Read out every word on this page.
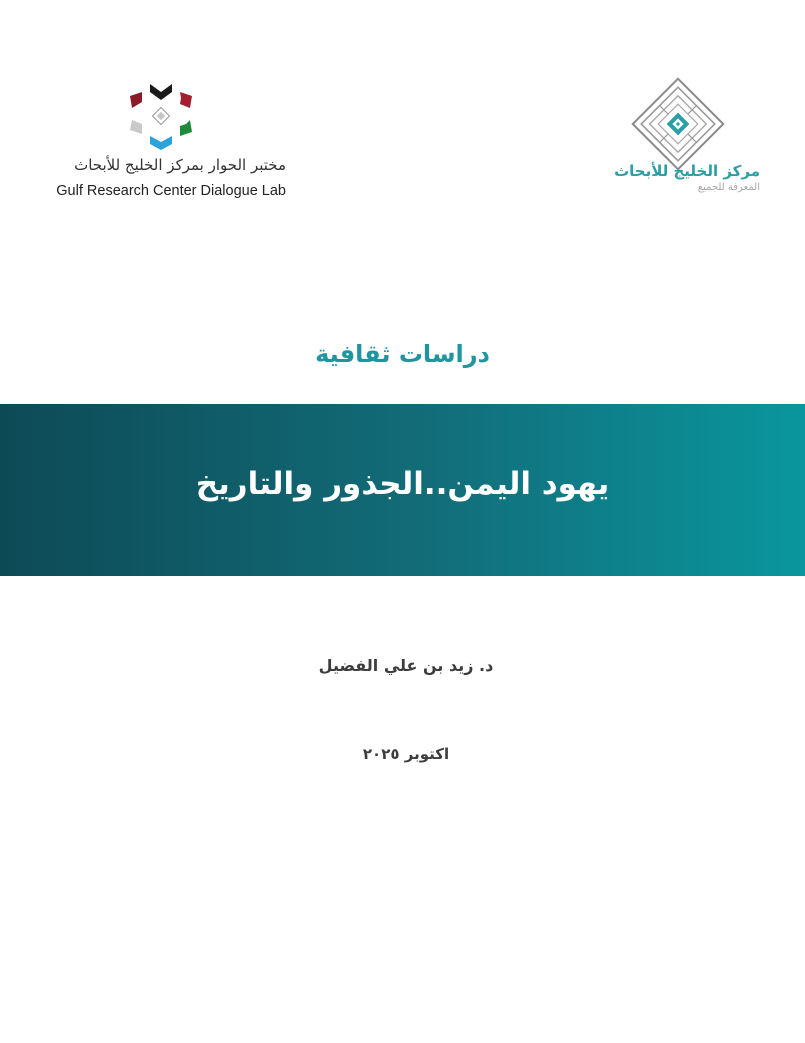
مركز الخليج للأبحاث
المعرفة للجميع
مختبر الحوار بمركز الخليج للأبحاث
Gulf Research Center Dialogue Lab
دراسات ثقافية
يهود اليمن..الجذور والتاريخ
د. زيد بن علي الفضيل
اكتوبر ٢٠٢٥
